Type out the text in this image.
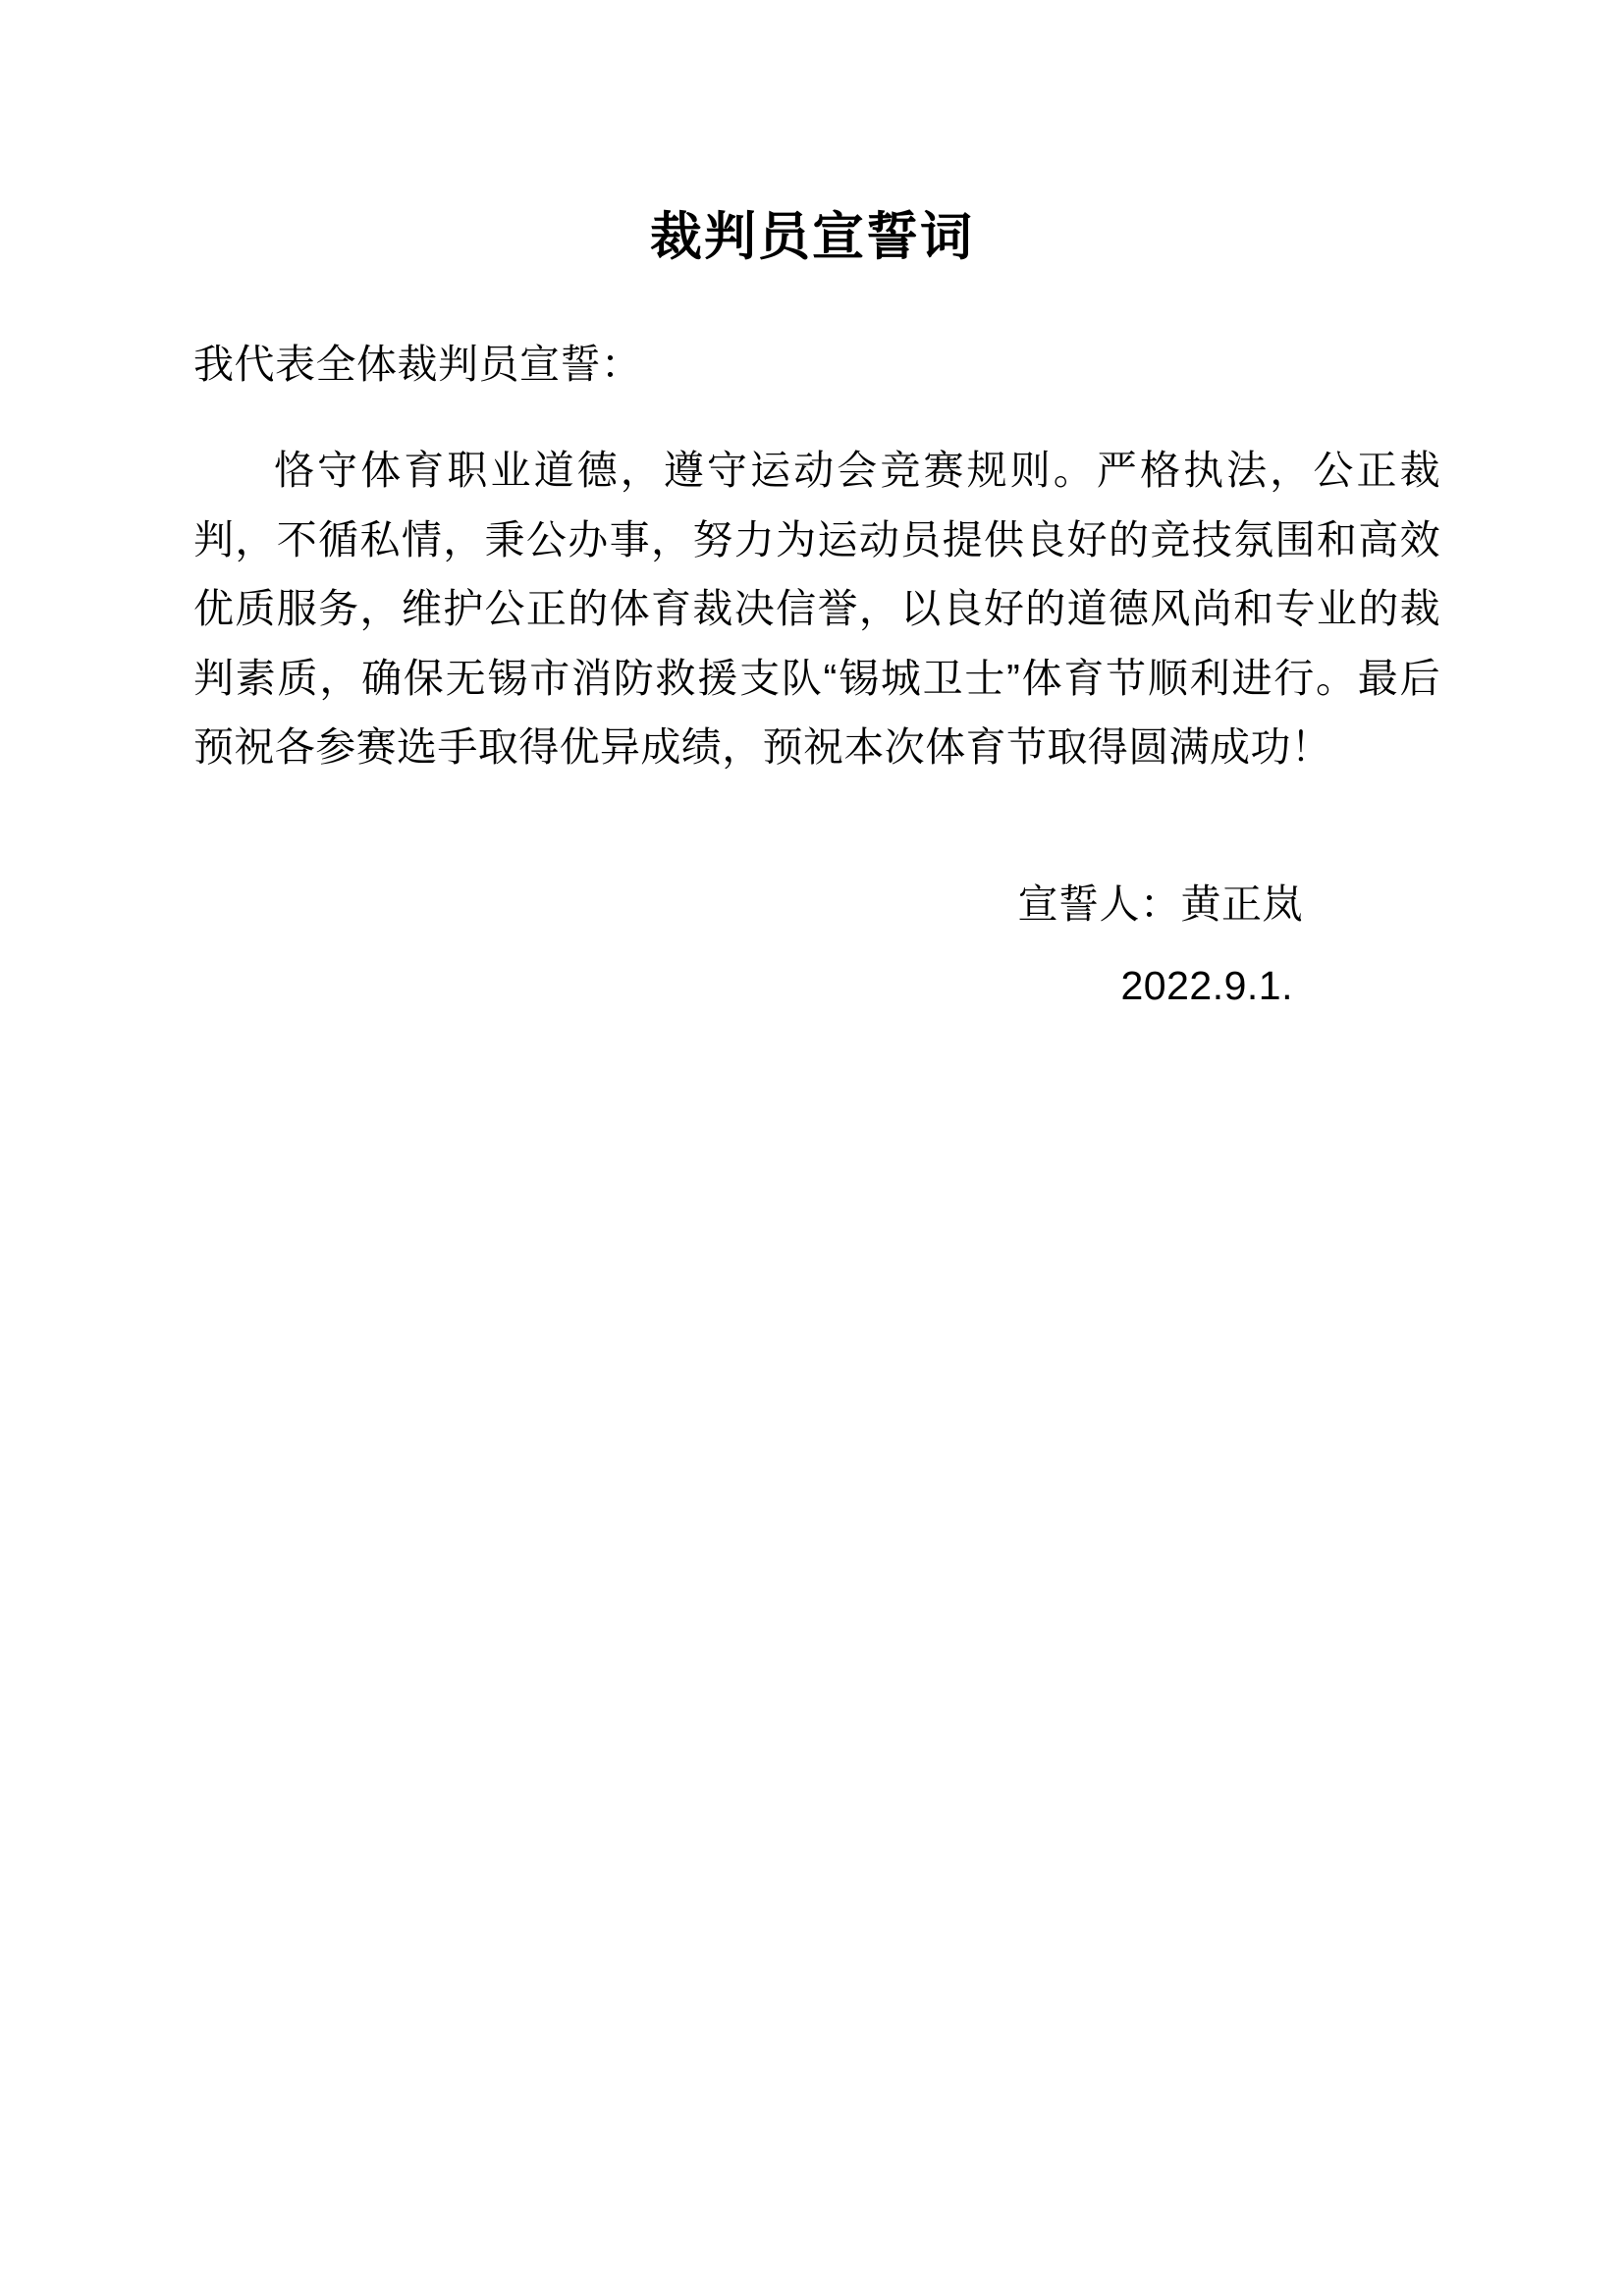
裁判员宣誓词

我代表全体裁判员宣誓：

恪守体育职业道德，遵守运动会竞赛规则。严格执法，公正裁判，不循私情，秉公办事，努力为运动员提供良好的竞技氛围和高效优质服务，维护公正的体育裁决信誉，以良好的道德风尚和专业的裁判素质，确保无锡市消防救援支队“锡城卫士”体育节顺利进行。最后预祝各参赛选手取得优异成绩，预祝本次体育节取得圆满成功！

宣誓人：黄正岚
2022.9.1.
